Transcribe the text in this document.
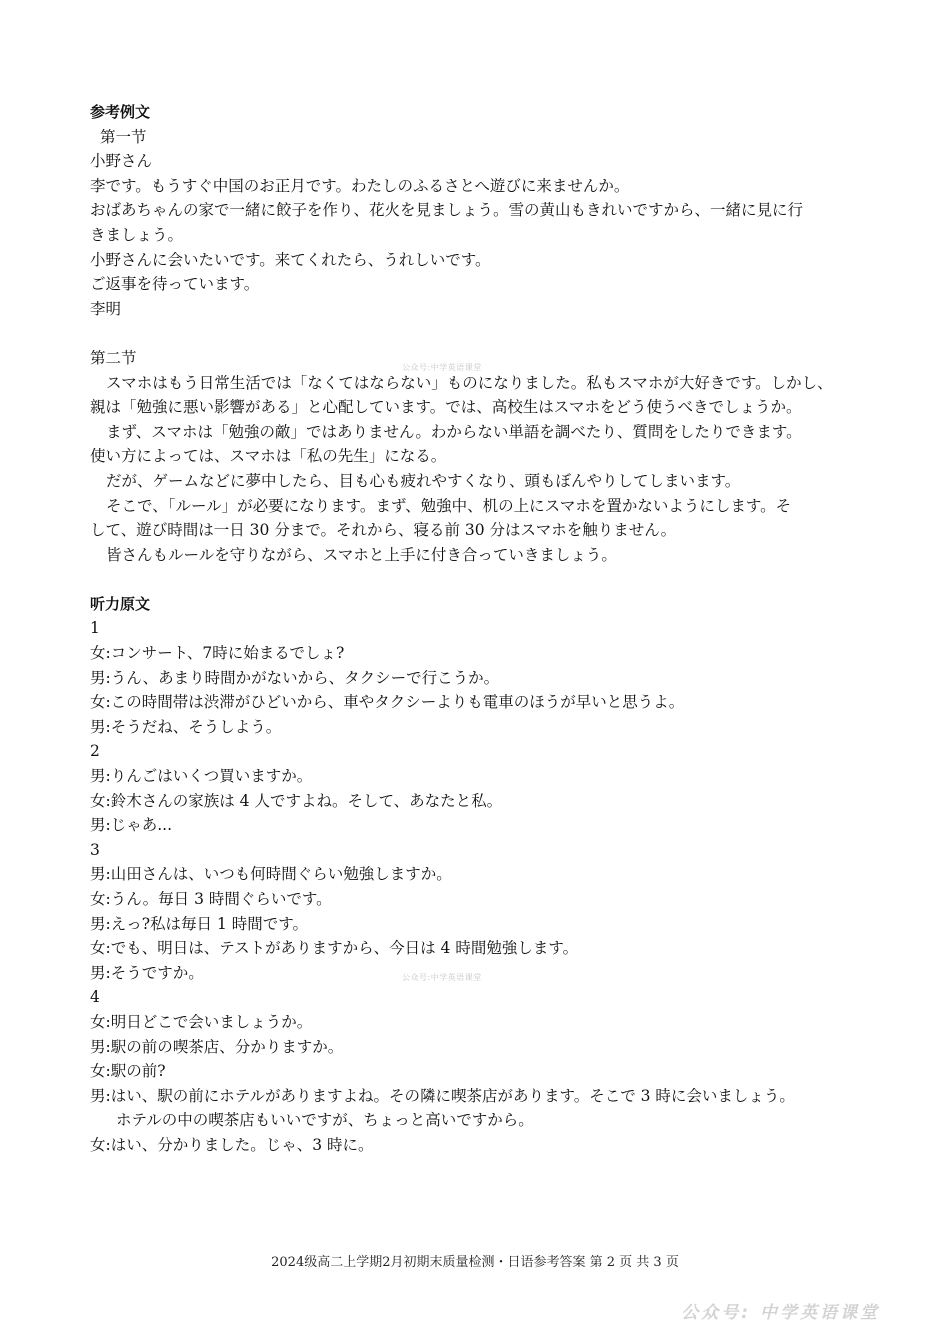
参考例文
第一节
小野さん
李です。もうすぐ中国のお正月です。わたしのふるさとへ遊びに来ませんか。
おばあちゃんの家で一緒に餃子を作り、花火を見ましょう。雪の黄山もきれいですから、一緒に見に行
きましょう。
小野さんに会いたいです。来てくれたら、うれしいです。
ご返事を待っています。
李明
第二节
スマホはもう日常生活では「なくてはならない」ものになりました。私もスマホが大好きです。しかし、
親は「勉強に悪い影響がある」と心配しています。では、高校生はスマホをどう使うべきでしょうか。
まず、スマホは「勉強の敵」ではありません。わからない単語を調べたり、質問をしたりできます。
使い方によっては、スマホは「私の先生」になる。
だが、ゲームなどに夢中したら、目も心も疲れやすくなり、頭もぼんやりしてしまいます。
そこで、「ルール」が必要になります。まず、勉強中、机の上にスマホを置かないようにします。そ
して、遊び時間は一日 30 分まで。それから、寝る前 30 分はスマホを触りません。
皆さんもルールを守りながら、スマホと上手に付き合っていきましょう。
听力原文
1
女:コンサート、7時に始まるでしょ?
男:うん、あまり時間かがないから、タクシーで行こうか。
女:この時間帯は渋滞がひどいから、車やタクシーよりも電車のほうが早いと思うよ。
男:そうだね、そうしよう。
2
男:りんごはいくつ買いますか。
女:鈴木さんの家族は 4 人ですよね。そして、あなたと私。
男:じゃあ...
3
男:山田さんは、いつも何時間ぐらい勉強しますか。
女:うん。毎日 3 時間ぐらいです。
男:えっ?私は毎日 1 時間です。
女:でも、明日は、テストがありますから、今日は 4 時間勉強します。
男:そうですか。
4
女:明日どこで会いましょうか。
男:駅の前の喫茶店、分かりますか。
女:駅の前?
男:はい、駅の前にホテルがありますよね。その隣に喫茶店があります。そこで 3 時に会いましょう。
ホテルの中の喫茶店もいいですが、ちょっと高いですから。
女:はい、分かりました。じゃ、3 時に。
公众号:中学英语课堂
公众号:中学英语课堂
2024级高二上学期2月初期末质量检测・日语参考答案 第 2 页 共 3 页
公众号: 中学英语课堂
